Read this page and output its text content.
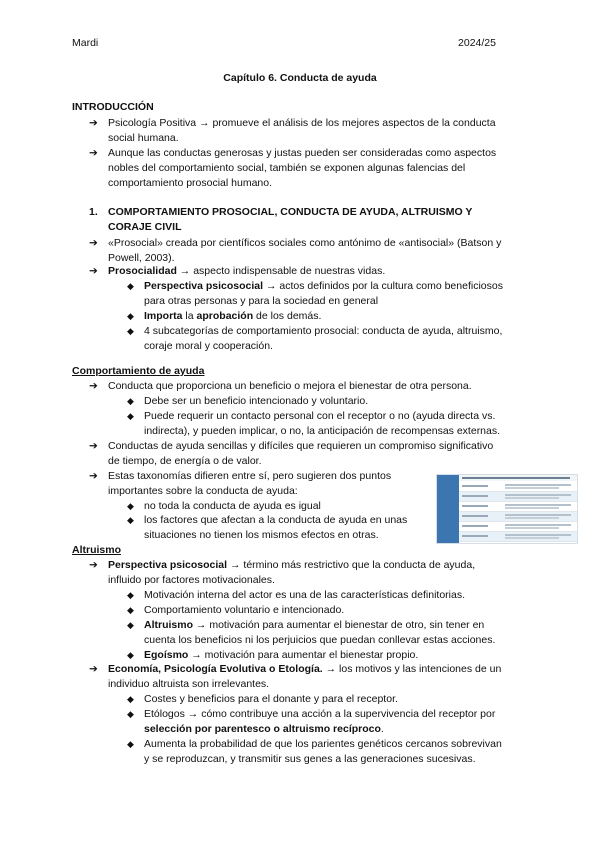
Mardi	2024/25
Capítulo 6. Conducta de ayuda
INTRODUCCIÓN
➔ Psicología Positiva → promueve el análisis de los mejores aspectos de la conducta
social humana.
➔ Aunque las conductas generosas y justas pueden ser consideradas como aspectos
nobles del comportamiento social, también se exponen algunas falencias del
comportamiento prosocial humano.
1. COMPORTAMIENTO PROSOCIAL, CONDUCTA DE AYUDA, ALTRUISMO Y
CORAJE CIVIL
➔ «Prosocial» creada por científicos sociales como antónimo de «antisocial» (Batson y
Powell, 2003).
➔ Prosocialidad → aspecto indispensable de nuestras vidas.
◆ Perspectiva psicosocial → actos definidos por la cultura como beneficiosos
para otras personas y para la sociedad en general
◆ Importa la aprobación de los demás.
◆ 4 subcategorías de comportamiento prosocial: conducta de ayuda, altruismo,
coraje moral y cooperación.
Comportamiento de ayuda
➔ Conducta que proporciona un beneficio o mejora el bienestar de otra persona.
◆ Debe ser un beneficio intencionado y voluntario.
◆ Puede requerir un contacto personal con el receptor o no (ayuda directa vs.
indirecta), y pueden implicar, o no, la anticipación de recompensas externas.
➔ Conductas de ayuda sencillas y difíciles que requieren un compromiso significativo
de tiempo, de energía o de valor.
➔ Estas taxonomías difieren entre sí, pero sugieren dos puntos
importantes sobre la conducta de ayuda:
◆ no toda la conducta de ayuda es igual
◆ los factores que afectan a la conducta de ayuda en unas
situaciones no tienen los mismos efectos en otras.
Altruismo
➔ Perspectiva psicosocial → término más restrictivo que la conducta de ayuda,
influido por factores motivacionales.
◆ Motivación interna del actor es una de las características definitorias.
◆ Comportamiento voluntario e intencionado.
◆ Altruismo → motivación para aumentar el bienestar de otro, sin tener en
cuenta los beneficios ni los perjuicios que puedan conllevar estas acciones.
◆ Egoísmo → motivación para aumentar el bienestar propio.
➔ Economía, Psicología Evolutiva o Etología. → los motivos y las intenciones de un
individuo altruista son irrelevantes.
◆ Costes y beneficios para el donante y para el receptor.
◆ Etólogos → cómo contribuye una acción a la supervivencia del receptor por
selección por parentesco o altruismo recíproco.
◆ Aumenta la probabilidad de que los parientes genéticos cercanos sobrevivan
y se reproduzcan, y transmitir sus genes a las generaciones sucesivas.
